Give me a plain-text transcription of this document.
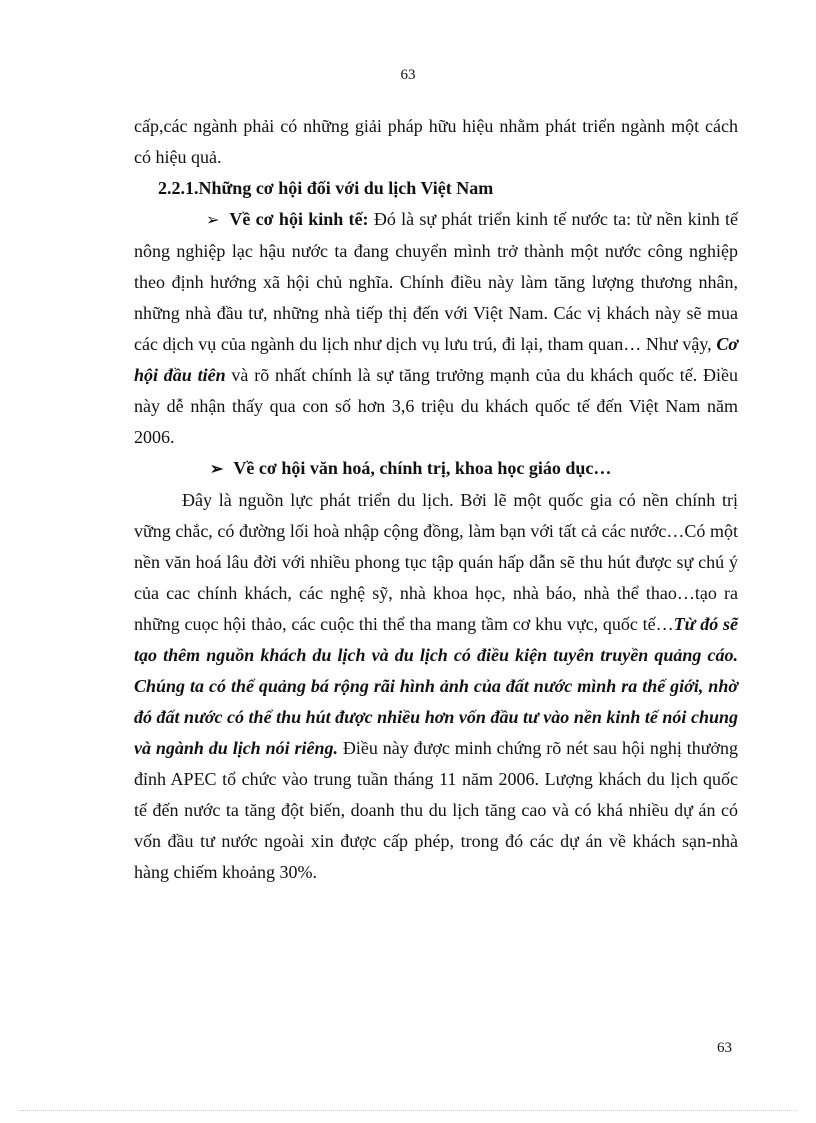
63

cấp,các ngành phải có những giải pháp hữu hiệu nhằm phát triển ngành một cách có hiệu quả.

2.2.1.Những cơ hội đối với du lịch Việt Nam

➢ Về cơ hội kinh tế: Đó là sự phát triển kinh tế nước ta: từ nền kinh tế nông nghiệp lạc hậu nước ta đang chuyển mình trở thành một nước công nghiệp theo định hướng xã hội chủ nghĩa. Chính điều này làm tăng lượng thương nhân, những nhà đầu tư, những nhà tiếp thị đến với Việt Nam. Các vị khách này sẽ mua các dịch vụ của ngành du lịch như dịch vụ lưu trú, đi lại, tham quan… Như vậy, Cơ hội đầu tiên và rõ nhất chính là sự tăng trưởng mạnh của du khách quốc tế. Điều này dễ nhận thấy qua con số hơn 3,6 triệu du khách quốc tế đến Việt Nam năm 2006.

➢ Về cơ hội văn hoá, chính trị, khoa học giáo dục…

Đây là nguồn lực phát triển du lịch. Bởi lẽ một quốc gia có nền chính trị vững chắc, có đường lối hoà nhập cộng đồng, làm bạn với tất cả các nước…Có một nền văn hoá lâu đời với nhiều phong tục tập quán hấp dẫn sẽ thu hút được sự chú ý của cac chính khách, các nghệ sỹ, nhà khoa học, nhà báo, nhà thể thao…tạo ra những cuọc hội thảo, các cuộc thi thể tha mang tầm cơ khu vực, quốc tế…Từ đó sẽ tạo thêm nguồn khách du lịch và du lịch có điều kiện tuyên truyền quảng cáo. Chúng ta có thể quảng bá rộng rãi hình ảnh của đất nước mình ra thế giới, nhờ đó đất nước có thể thu hút được nhiều hơn vốn đầu tư vào nền kinh tế nói chung và ngành du lịch nói riêng. Điều này được minh chứng rõ nét sau hội nghị thưởng đỉnh APEC tổ chức vào trung tuần tháng 11 năm 2006. Lượng khách du lịch quốc tế đến nước ta tăng đột biến, doanh thu du lịch tăng cao và có khá nhiều dự án có vốn đầu tư nước ngoài xin được cấp phép, trong đó các dự án về khách sạn-nhà hàng chiếm khoảng 30%.

63
